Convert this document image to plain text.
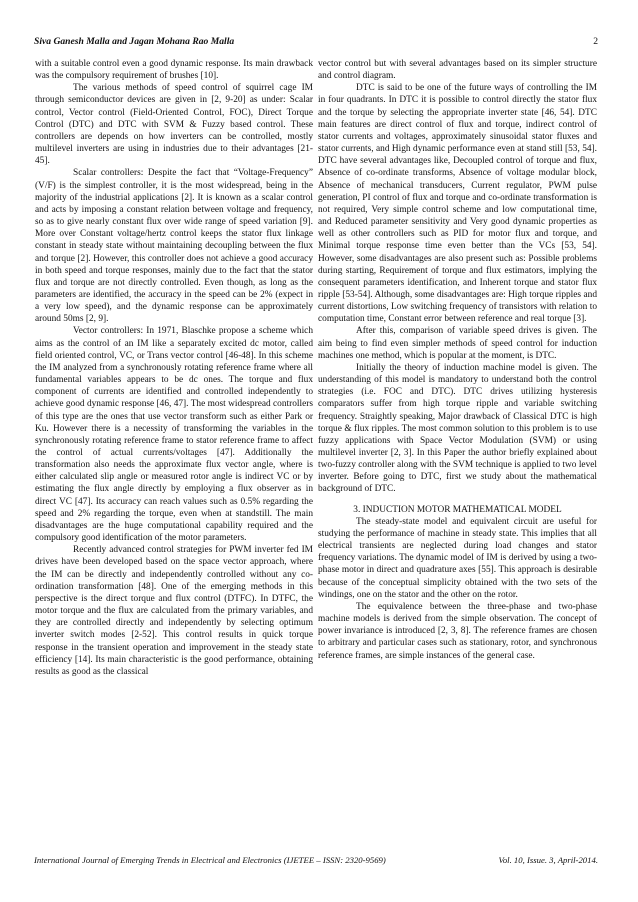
Siva Ganesh Malla and Jagan Mohana Rao Malla	2

with a suitable control even a good dynamic response. Its main drawback was the compulsory requirement of brushes [10].

The various methods of speed control of squirrel cage IM through semiconductor devices are given in [2, 9-20] as under: Scalar control, Vector control (Field-Oriented Control, FOC), Direct Torque Control (DTC) and DTC with SVM & Fuzzy based control. These controllers are depends on how inverters can be controlled, mostly multilevel inverters are using in industries due to their advantages [21-45].

Scalar controllers: Despite the fact that “Voltage-Frequency” (V/F) is the simplest controller, it is the most widespread, being in the majority of the industrial applications [2]. It is known as a scalar control and acts by imposing a constant relation between voltage and frequency, so as to give nearly constant flux over wide range of speed variation [9]. More over Constant voltage/hertz control keeps the stator flux linkage constant in steady state without maintaining decoupling between the flux and torque [2]. However, this controller does not achieve a good accuracy in both speed and torque responses, mainly due to the fact that the stator flux and torque are not directly controlled. Even though, as long as the parameters are identified, the accuracy in the speed can be 2% (expect in a very low speed), and the dynamic response can be approximately around 50ms [2, 9].

Vector controllers: In 1971, Blaschke propose a scheme which aims as the control of an IM like a separately excited dc motor, called field oriented control, VC, or Trans vector control [46-48]. In this scheme the IM analyzed from a synchronously rotating reference frame where all fundamental variables appears to be dc ones. The torque and flux component of currents are identified and controlled independently to achieve good dynamic response [46, 47]. The most widespread controllers of this type are the ones that use vector transform such as either Park or Ku. However there is a necessity of transforming the variables in the synchronously rotating reference frame to stator reference frame to affect the control of actual currents/voltages [47]. Additionally the transformation also needs the approximate flux vector angle, where is either calculated slip angle or measured rotor angle is indirect VC or by estimating the flux angle directly by employing a flux observer as in direct VC [47]. Its accuracy can reach values such as 0.5% regarding the speed and 2% regarding the torque, even when at standstill. The main disadvantages are the huge computational capability required and the compulsory good identification of the motor parameters.

Recently advanced control strategies for PWM inverter fed IM drives have been developed based on the space vector approach, where the IM can be directly and independently controlled without any co-ordination transformation [48]. One of the emerging methods in this perspective is the direct torque and flux control (DTFC). In DTFC, the motor torque and the flux are calculated from the primary variables, and they are controlled directly and independently by selecting optimum inverter switch modes [2-52]. This control results in quick torque response in the transient operation and improvement in the steady state efficiency [14]. Its main characteristic is the good performance, obtaining results as good as the classical

vector control but with several advantages based on its simpler structure and control diagram.

DTC is said to be one of the future ways of controlling the IM in four quadrants. In DTC it is possible to control directly the stator flux and the torque by selecting the appropriate inverter state [46, 54]. DTC main features are direct control of flux and torque, indirect control of stator currents and voltages, approximately sinusoidal stator fluxes and stator currents, and High dynamic performance even at stand still [53, 54]. DTC have several advantages like, Decoupled control of torque and flux, Absence of co-ordinate transforms, Absence of voltage modular block, Absence of mechanical transducers, Current regulator, PWM pulse generation, PI control of flux and torque and co-ordinate transformation is not required, Very simple control scheme and low computational time, and Reduced parameter sensitivity and Very good dynamic properties as well as other controllers such as PID for motor flux and torque, and Minimal torque response time even better than the VCs [53, 54]. However, some disadvantages are also present such as: Possible problems during starting, Requirement of torque and flux estimators, implying the consequent parameters identification, and Inherent torque and stator flux ripple [53-54]. Although, some disadvantages are: High torque ripples and current distortions, Low switching frequency of transistors with relation to computation time, Constant error between reference and real torque [3].

After this, comparison of variable speed drives is given. The aim being to find even simpler methods of speed control for induction machines one method, which is popular at the moment, is DTC.

Initially the theory of induction machine model is given. The understanding of this model is mandatory to understand both the control strategies (i.e. FOC and DTC). DTC drives utilizing hysteresis comparators suffer from high torque ripple and variable switching frequency. Straightly speaking, Major drawback of Classical DTC is high torque & flux ripples. The most common solution to this problem is to use fuzzy applications with Space Vector Modulation (SVM) or using multilevel inverter [2, 3]. In this Paper the author briefly explained about two-fuzzy controller along with the SVM technique is applied to two level inverter. Before going to DTC, first we study about the mathematical background of DTC.

3. INDUCTION MOTOR MATHEMATICAL MODEL

The steady-state model and equivalent circuit are useful for studying the performance of machine in steady state. This implies that all electrical transients are neglected during load changes and stator frequency variations. The dynamic model of IM is derived by using a two-phase motor in direct and quadrature axes [55]. This approach is desirable because of the conceptual simplicity obtained with the two sets of the windings, one on the stator and the other on the rotor.

The equivalence between the three-phase and two-phase machine models is derived from the simple observation. The concept of power invariance is introduced [2, 3, 8]. The reference frames are chosen to arbitrary and particular cases such as stationary, rotor, and synchronous reference frames, are simple instances of the general case.

International Journal of Emerging Trends in Electrical and Electronics (IJETEE – ISSN: 2320-9569)	Vol. 10, Issue. 3, April-2014.
